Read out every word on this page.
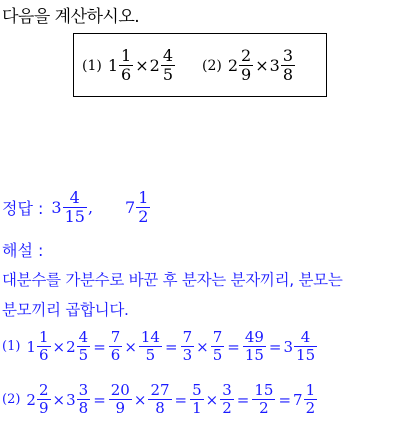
다음을 계산하시오.
(1) $1 \frac{1}{6} \times 2 \frac{4}{5} (2)$ $2 \frac{2}{9} \times 3 \frac{3}{8}$
정답 : $3 \frac{4}{15}$ , $7 \frac{1}{2}$
해설 :
대분수를 가분수로 바꾼 후 분자는 분자끼리, 분모는
분모끼리 곱합니다.
(1) $1 \frac{1}{6} \times 2 \frac{4}{5} = \frac{7}{6} \times \frac{14}{5} = \frac{7}{3} \times \frac{7}{5} = \frac{49}{15} = 3 \frac{4}{15}$
(2) $2 \frac{2}{9} \times 3 \frac{3}{8} = \frac{20}{9} \times \frac{27}{8} = \frac{5}{1} \times \frac{3}{2} = \frac{15}{2} = 7 \frac{1}{2}$
